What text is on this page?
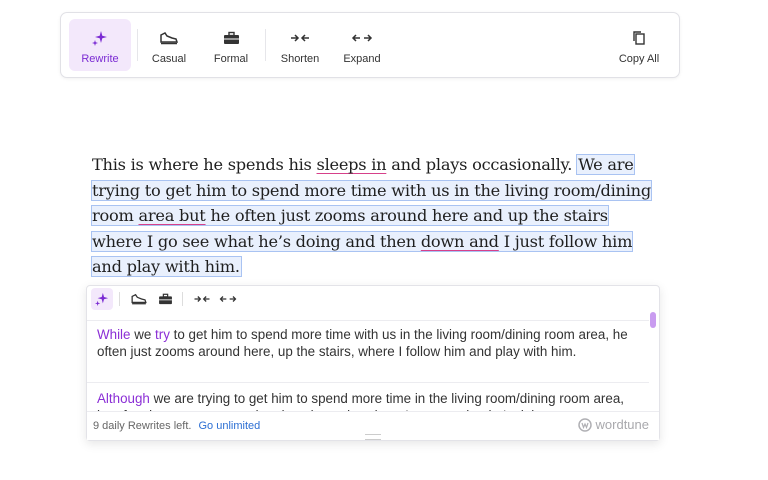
Rewrite	Casual	Formal	Shorten Expand	Copy All
This is where he spends his sleeps in and plays occasionally. We are trying to get him to spend more time with us in the living room/dining room area but he often just zooms around here and up the stairs where I go see what he’s doing and then down and I just follow him and play with him.
While we try to get him to spend more time with us in the living room/dining room area, he often just zooms around here, up the stairs, where I follow him and play with him.
Although we are trying to get him to spend more time in the living room/dining room area,
9 daily Rewrites left. Go unlimited	wordtune
